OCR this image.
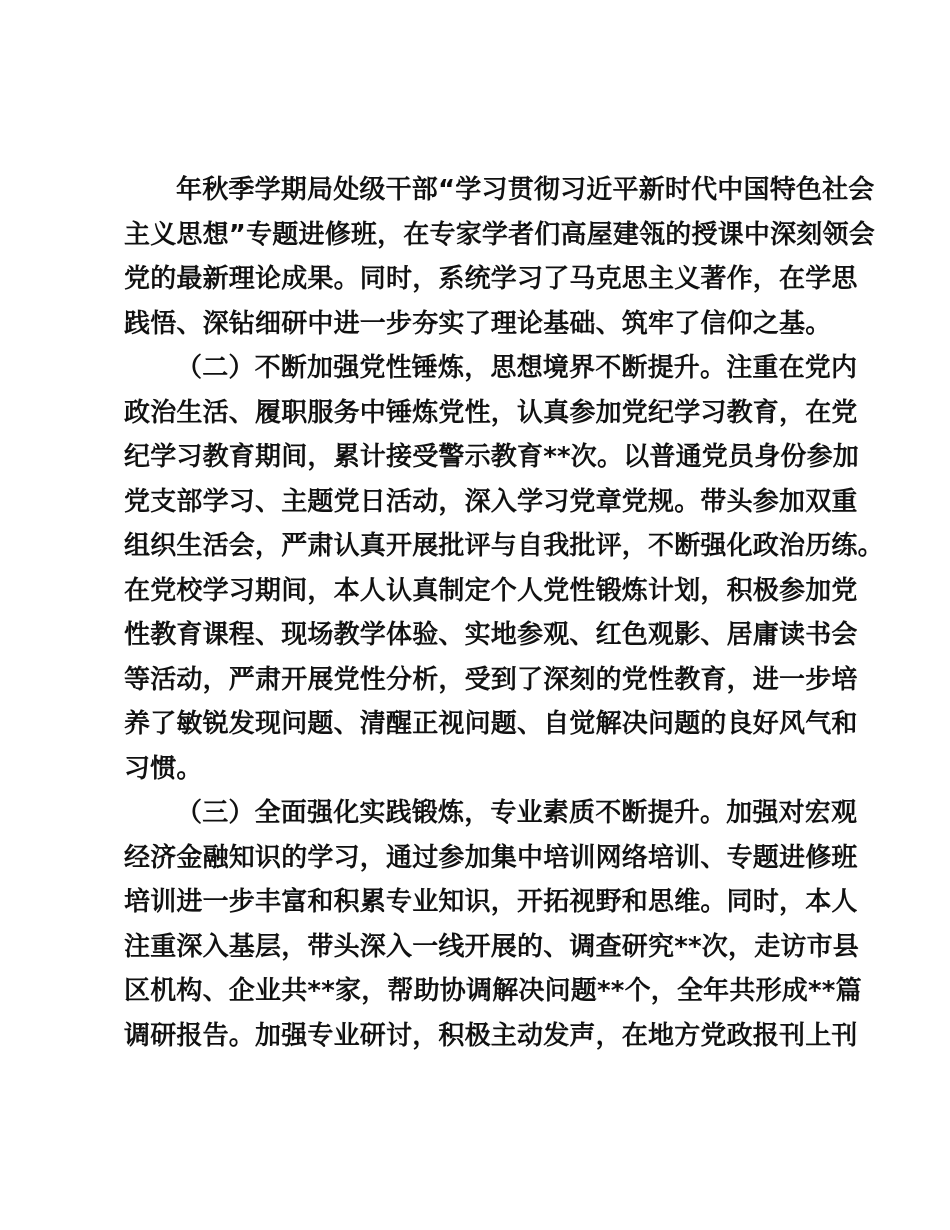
年秋季学期局处级干部“学习贯彻习近平新时代中国特色社会
主义思想”专题进修班，在专家学者们高屋建瓴的授课中深刻领会
党的最新理论成果。同时，系统学习了马克思主义著作，在学思
践悟、深钻细研中进一步夯实了理论基础、筑牢了信仰之基。
（二）不断加强党性锤炼，思想境界不断提升。注重在党内
政治生活、履职服务中锤炼党性，认真参加党纪学习教育，在党
纪学习教育期间，累计接受警示教育**次。以普通党员身份参加
党支部学习、主题党日活动，深入学习党章党规。带头参加双重
组织生活会，严肃认真开展批评与自我批评，不断强化政治历练。
在党校学习期间，本人认真制定个人党性锻炼计划，积极参加党
性教育课程、现场教学体验、实地参观、红色观影、居庸读书会
等活动，严肃开展党性分析，受到了深刻的党性教育，进一步培
养了敏锐发现问题、清醒正视问题、自觉解决问题的良好风气和
习惯。
（三）全面强化实践锻炼，专业素质不断提升。加强对宏观
经济金融知识的学习，通过参加集中培训网络培训、专题进修班
培训进一步丰富和积累专业知识，开拓视野和思维。同时，本人
注重深入基层，带头深入一线开展的、调查研究**次，走访市县
区机构、企业共**家，帮助协调解决问题**个，全年共形成**篇
调研报告。加强专业研讨，积极主动发声，在地方党政报刊上刊
